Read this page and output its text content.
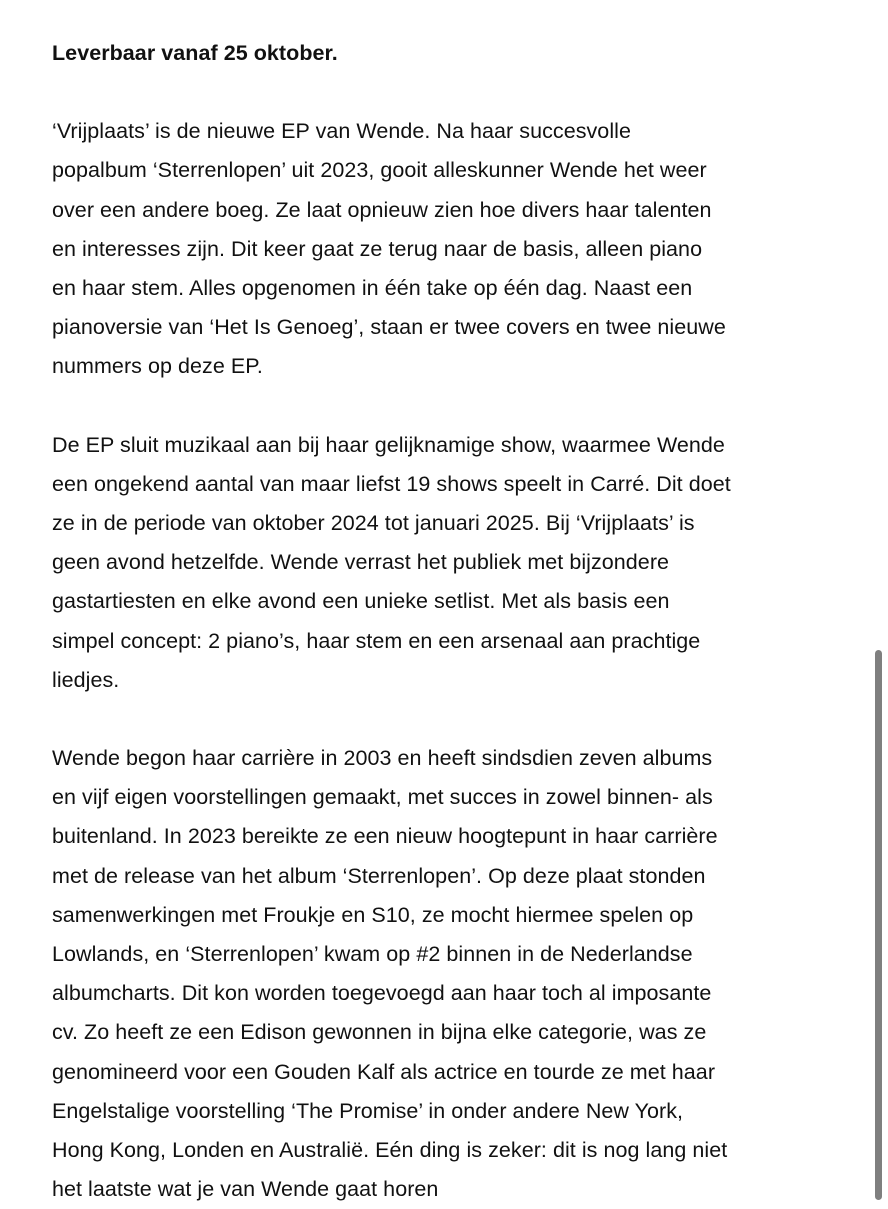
Leverbaar vanaf 25 oktober.
‘Vrijplaats’ is de nieuwe EP van Wende. Na haar succesvolle
popalbum ‘Sterrenlopen’ uit 2023, gooit alleskunner Wende het weer
over een andere boeg. Ze laat opnieuw zien hoe divers haar talenten
en interesses zijn. Dit keer gaat ze terug naar de basis, alleen piano
en haar stem. Alles opgenomen in één take op één dag. Naast een
pianoversie van ‘Het Is Genoeg’, staan er twee covers en twee nieuwe
nummers op deze EP.
De EP sluit muzikaal aan bij haar gelijknamige show, waarmee Wende
een ongekend aantal van maar liefst 19 shows speelt in Carré. Dit doet
ze in de periode van oktober 2024 tot januari 2025. Bij ‘Vrijplaats’ is
geen avond hetzelfde. Wende verrast het publiek met bijzondere
gastartiesten en elke avond een unieke setlist. Met als basis een
simpel concept: 2 piano’s, haar stem en een arsenaal aan prachtige
liedjes.
Wende begon haar carrière in 2003 en heeft sindsdien zeven albums
en vijf eigen voorstellingen gemaakt, met succes in zowel binnen- als
buitenland. In 2023 bereikte ze een nieuw hoogtepunt in haar carrière
met de release van het album ‘Sterrenlopen’. Op deze plaat stonden
samenwerkingen met Froukje en S10, ze mocht hiermee spelen op
Lowlands, en ‘Sterrenlopen’ kwam op #2 binnen in de Nederlandse
albumcharts. Dit kon worden toegevoegd aan haar toch al imposante
cv. Zo heeft ze een Edison gewonnen in bijna elke categorie, was ze
genomineerd voor een Gouden Kalf als actrice en tourde ze met haar
Engelstalige voorstelling ‘The Promise’ in onder andere New York,
Hong Kong, Londen en Australië. Eén ding is zeker: dit is nog lang niet
het laatste wat je van Wende gaat horen
